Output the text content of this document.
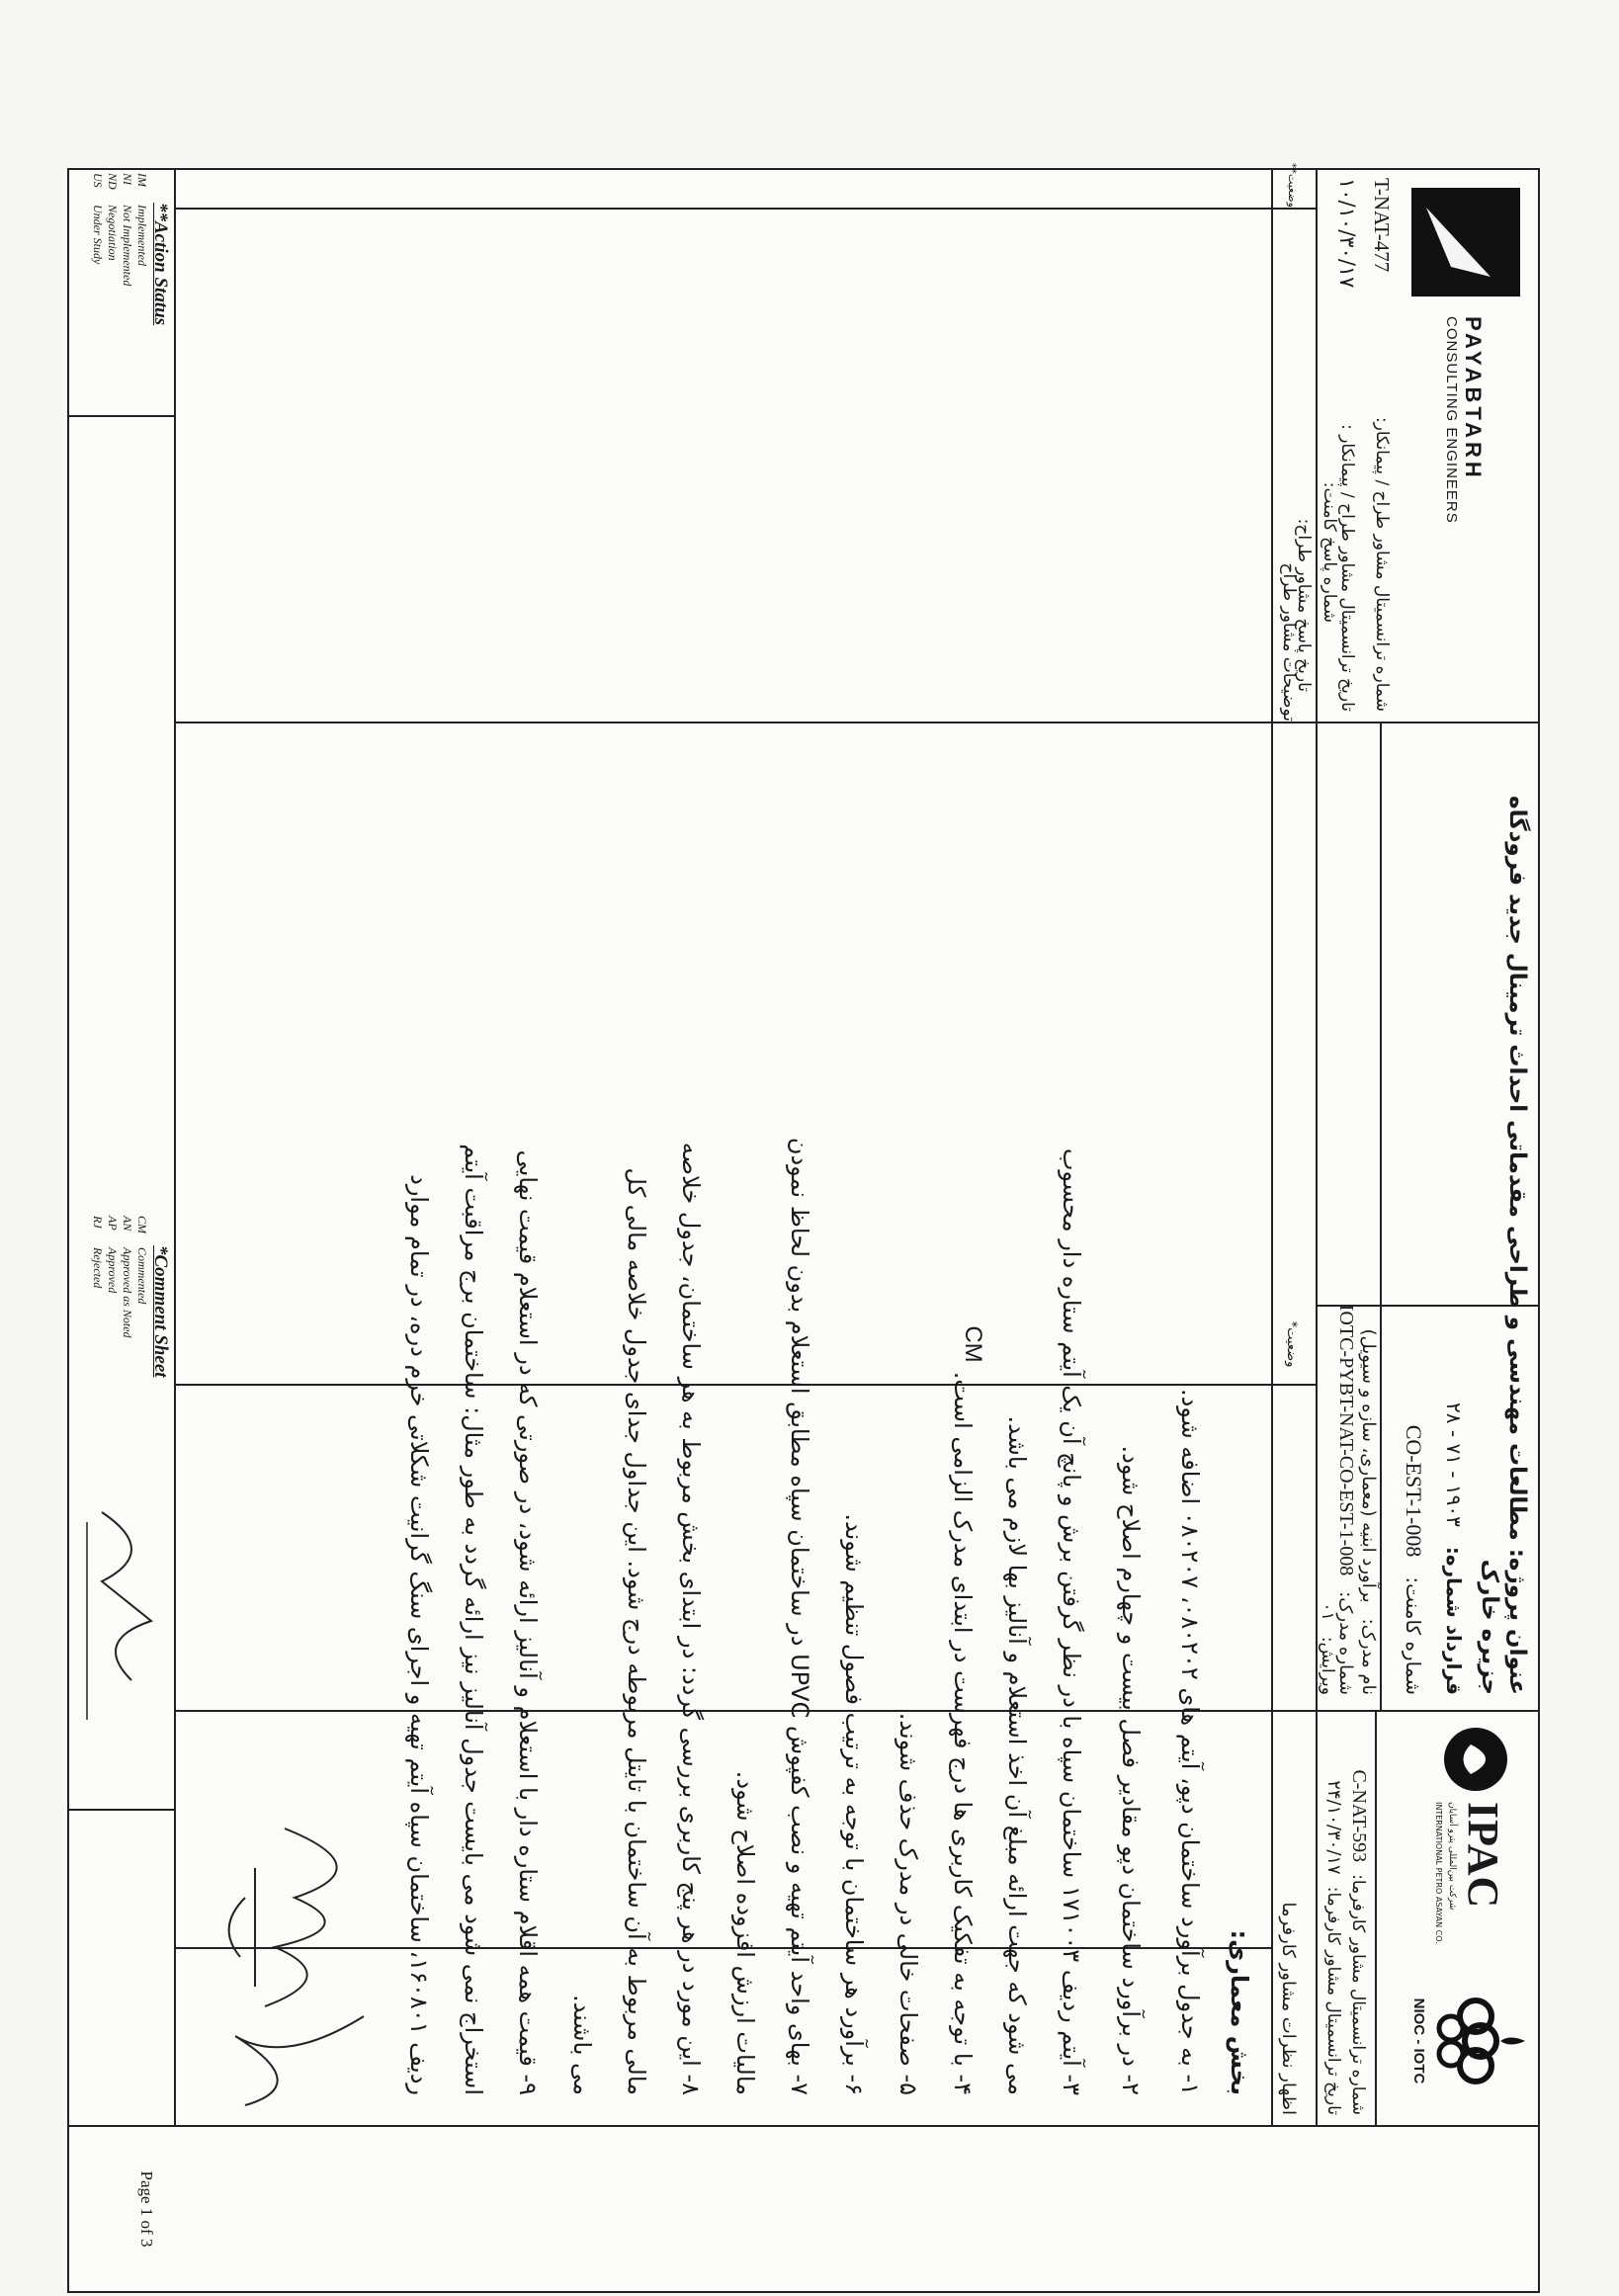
PAYABTARH
CONSULTING ENGINEERS
شماره ترانسمیتال مشاور طراح / پیمانکار:
T-NAT-477
تاریخ ترانسمیتال مشاور طراح / پیمانکار :
۱۰/۱۰/۳۰/۱۷
شماره پاسخ کامنت:
تاریخ پاسخ مشاور طراح:
توضیحات مشاور طراح
وضعیت**
عنوان پروژه: مطالعات مهندسی و طراحی مقدماتی احداث ترمینال جدید فرودگاه
جزیره خارک
قرارداد شماره:
۱۹۰۳ - ۷۱ - ۲۸
شماره کامنت:
CO-EST-1-008
نام مدرک:
برآورد ابنیه (معماری، سازه و سیویل)
شماره مدرک:
IOTC-PYBT-NAT-CO-EST-1-008
ویرایش:
۰۱
وضعیت*
اظهار نظرات مشاور کارفرما
IPAC
INTERNATIONAL PETRO ASAYAN CO. شرکت بین‌المللی پترو آسایان
NIOC - IOTC
شماره ترانسمیتال مشاور کارفرما:
C-NAT-593
تاریخ ترانسمیتال مشاور کارفرما:
۲۴/۱۰/۳۰/۱۷
بخش معماری:
۱- به جدول برآورد ساختمان دپو، آیتم های ۰۸۰۲۰۲، ۰۸۰۲۰۷ اضافه شود.
۲- در برآورد ساختمان دپو مقادیر فصل بیست و چهارم اصلاح شود.
۳- آیتم ردیف ۱۷۱۰۰۳ ساختمان سپاه با در نظر گرفتن برش و پانچ آن یک آیتم ستاره دار محسوب
می شود که جهت ارائه مبلغ آن اخذ استعلام و آنالیز بها لازم می باشد.
۴- با توجه به تفکیک کاربری ها درج فهرست در ابتدای مدرک الزامی است.
۵- صفحات خالی در مدرک حذف شوند.
۶- برآورد هر ساختمان با توجه به ترتیب فصول تنظیم شوند.
۷- بهای واحد آیتم تهیه و نصب کفپوش UPVC در ساختمان سپاه مطابق استعلام بدون لحاظ نمودن
مالیات ارزش افزوده اصلاح شود.
۸- این مورد در هر پنج کاربری بررسی گردد: در ابتدای بخش مربوط به هر ساختمان، جدول خلاصه
مالی مربوط به آن ساختمان با تایتل مربوطه درج شود. این جداول جدای جدول خلاصه مالی کل
می باشند.
۹- قیمت همه اقلام ستاره دار با استعلام و آنالیز ارائه شود، در صورتی که در استعلام قیمت نهایی
استخراج نمی شود می بایست جدول آنالیز نیز ارائه گردد به طور مثال: ساختمان برج مراقبت آیتم
ردیف ۱۶۰۸۰۱، ساختمان سپاه آیتم تهیه و اجرای سنگ گرانیت شکلاتی خرم دره، در تمام موارد
CM
**Action Status
IM
Implemented
NI
Not Implemented
ND
Negotiation
US
Under Study
*Comment Sheet
CM
Commented
AN
Approved as Noted
AP
Approved
RJ
Rejected
Page 1 of 3
